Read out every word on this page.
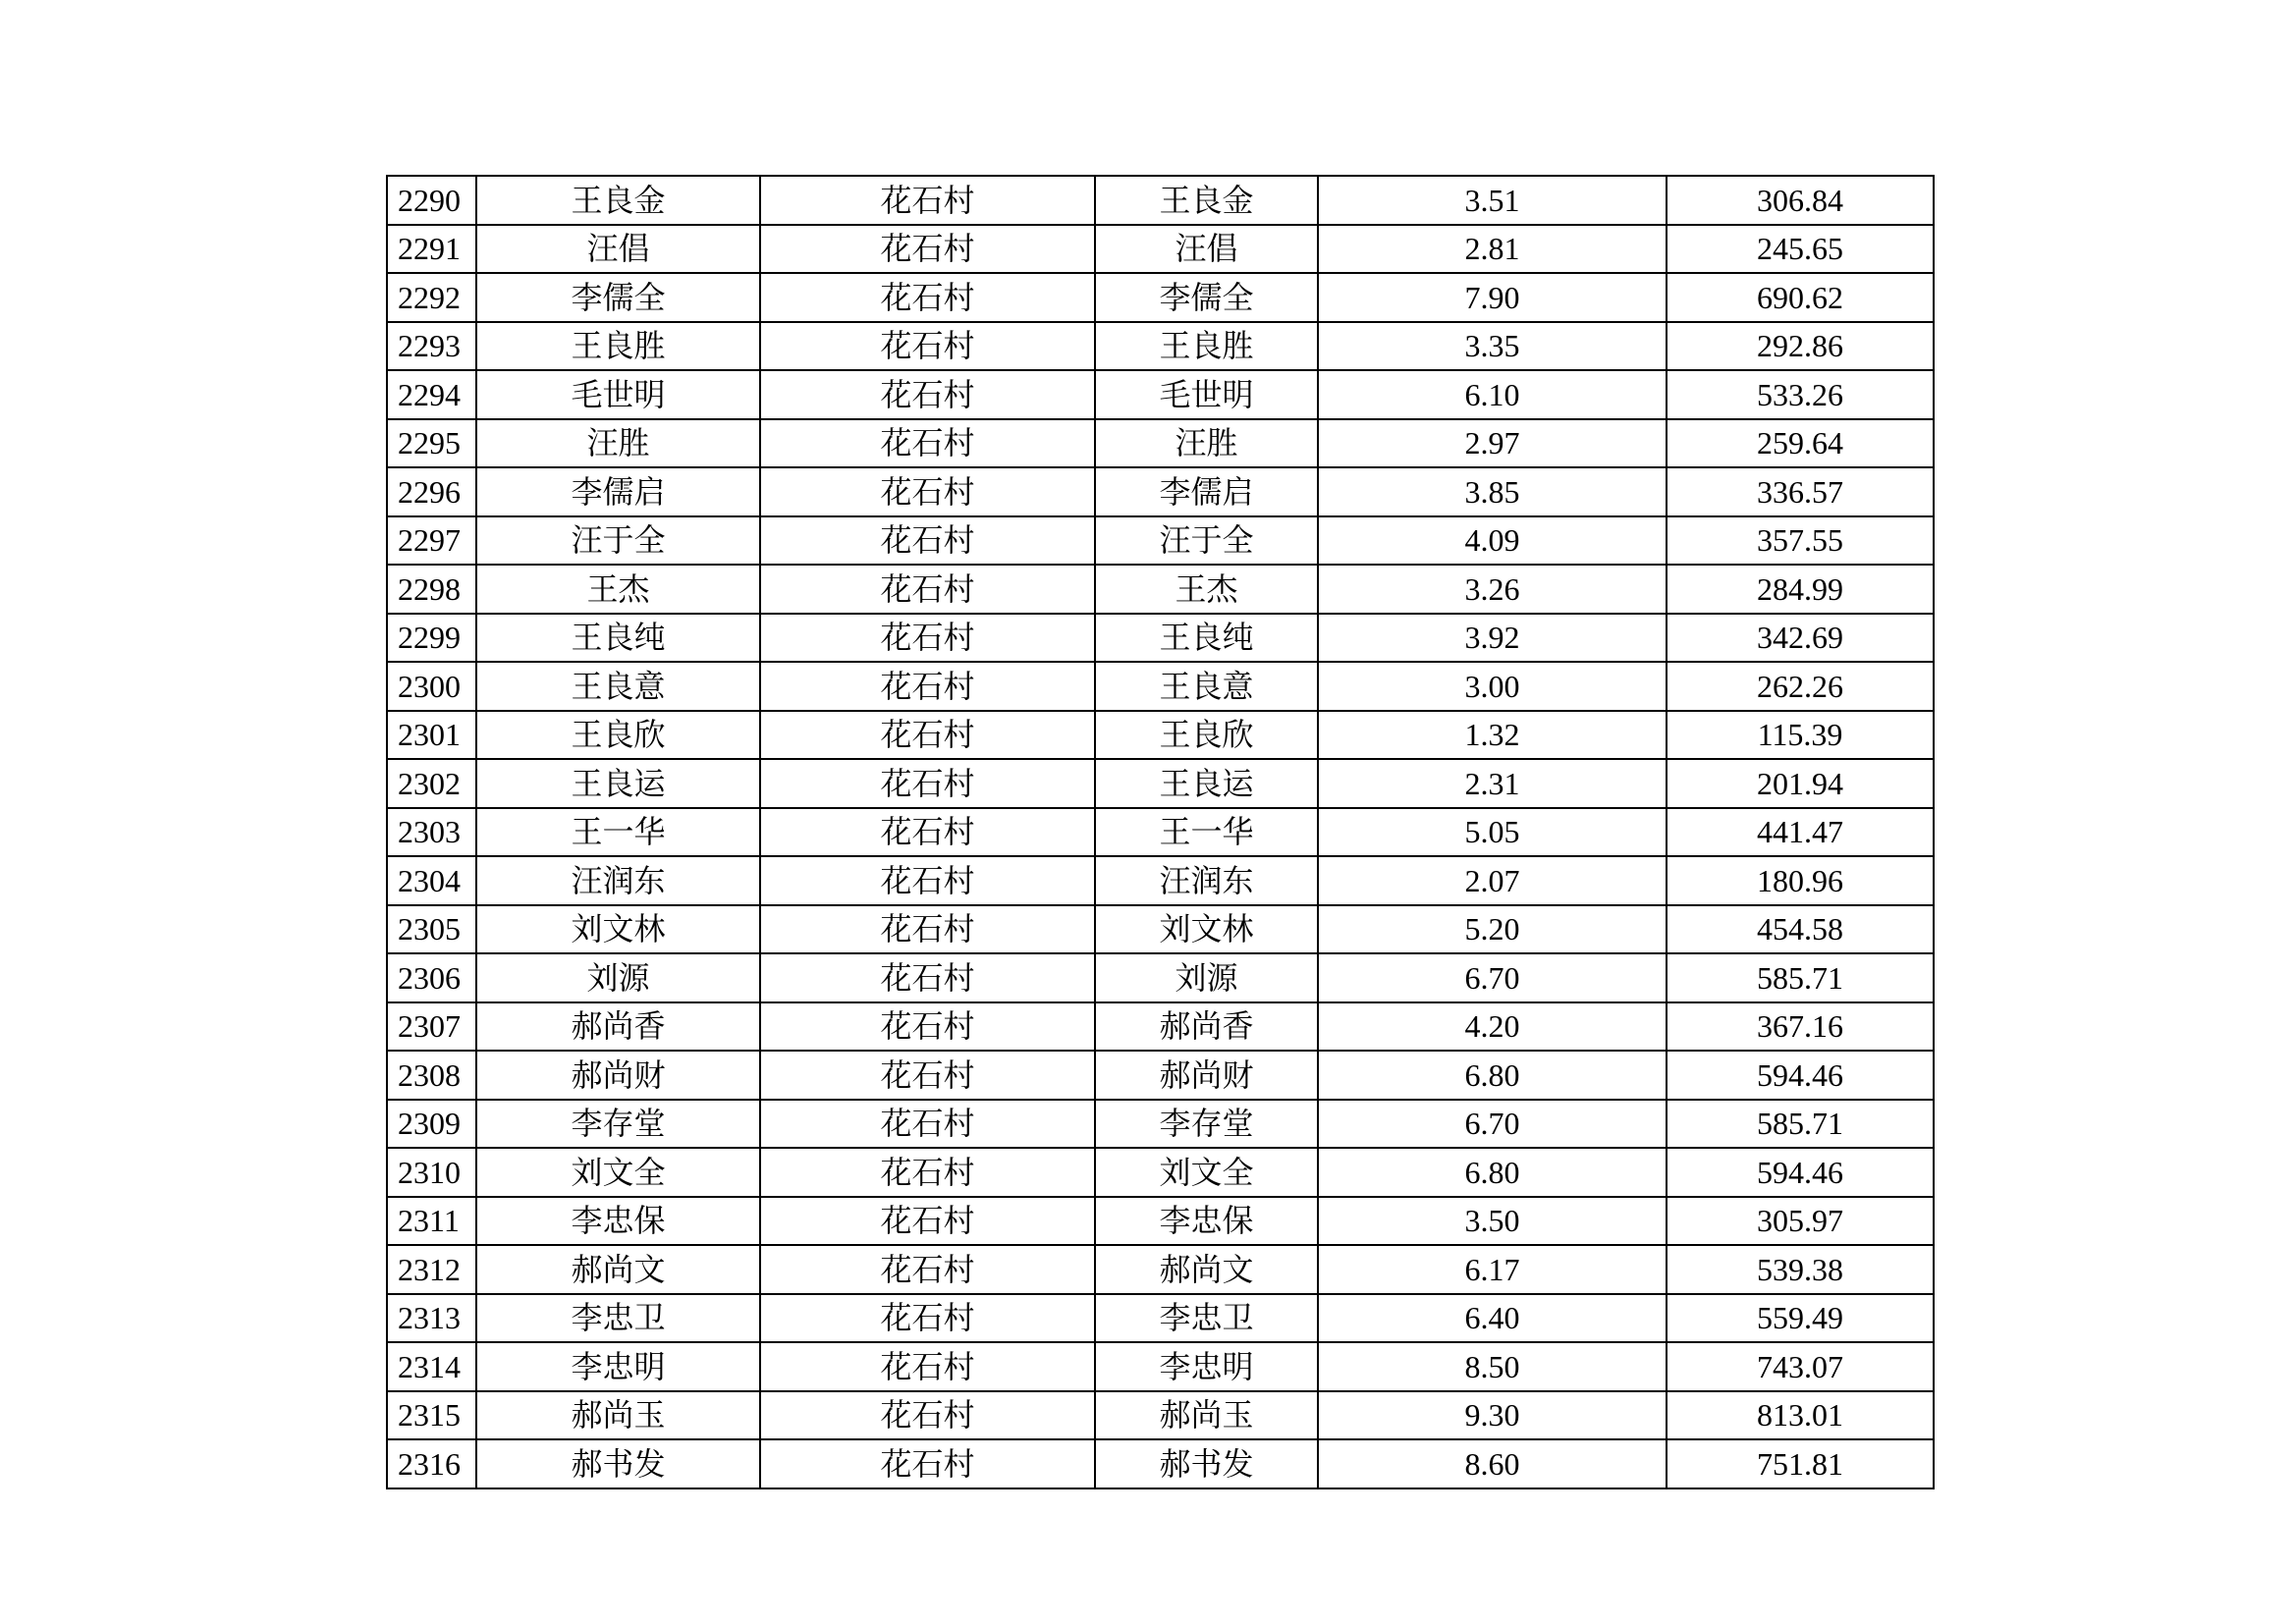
2290	王良金	花石村	王良金	3.51	306.84
2291	汪倡	花石村	汪倡	2.81	245.65
2292	李儒全	花石村	李儒全	7.90	690.62
2293	王良胜	花石村	王良胜	3.35	292.86
2294	毛世明	花石村	毛世明	6.10	533.26
2295	汪胜	花石村	汪胜	2.97	259.64
2296	李儒启	花石村	李儒启	3.85	336.57
2297	汪于全	花石村	汪于全	4.09	357.55
2298	王杰	花石村	王杰	3.26	284.99
2299	王良纯	花石村	王良纯	3.92	342.69
2300	王良意	花石村	王良意	3.00	262.26
2301	王良欣	花石村	王良欣	1.32	115.39
2302	王良运	花石村	王良运	2.31	201.94
2303	王一华	花石村	王一华	5.05	441.47
2304	汪润东	花石村	汪润东	2.07	180.96
2305	刘文林	花石村	刘文林	5.20	454.58
2306	刘源	花石村	刘源	6.70	585.71
2307	郝尚香	花石村	郝尚香	4.20	367.16
2308	郝尚财	花石村	郝尚财	6.80	594.46
2309	李存堂	花石村	李存堂	6.70	585.71
2310	刘文全	花石村	刘文全	6.80	594.46
2311	李忠保	花石村	李忠保	3.50	305.97
2312	郝尚文	花石村	郝尚文	6.17	539.38
2313	李忠卫	花石村	李忠卫	6.40	559.49
2314	李忠明	花石村	李忠明	8.50	743.07
2315	郝尚玉	花石村	郝尚玉	9.30	813.01
2316	郝书发	花石村	郝书发	8.60	751.81
